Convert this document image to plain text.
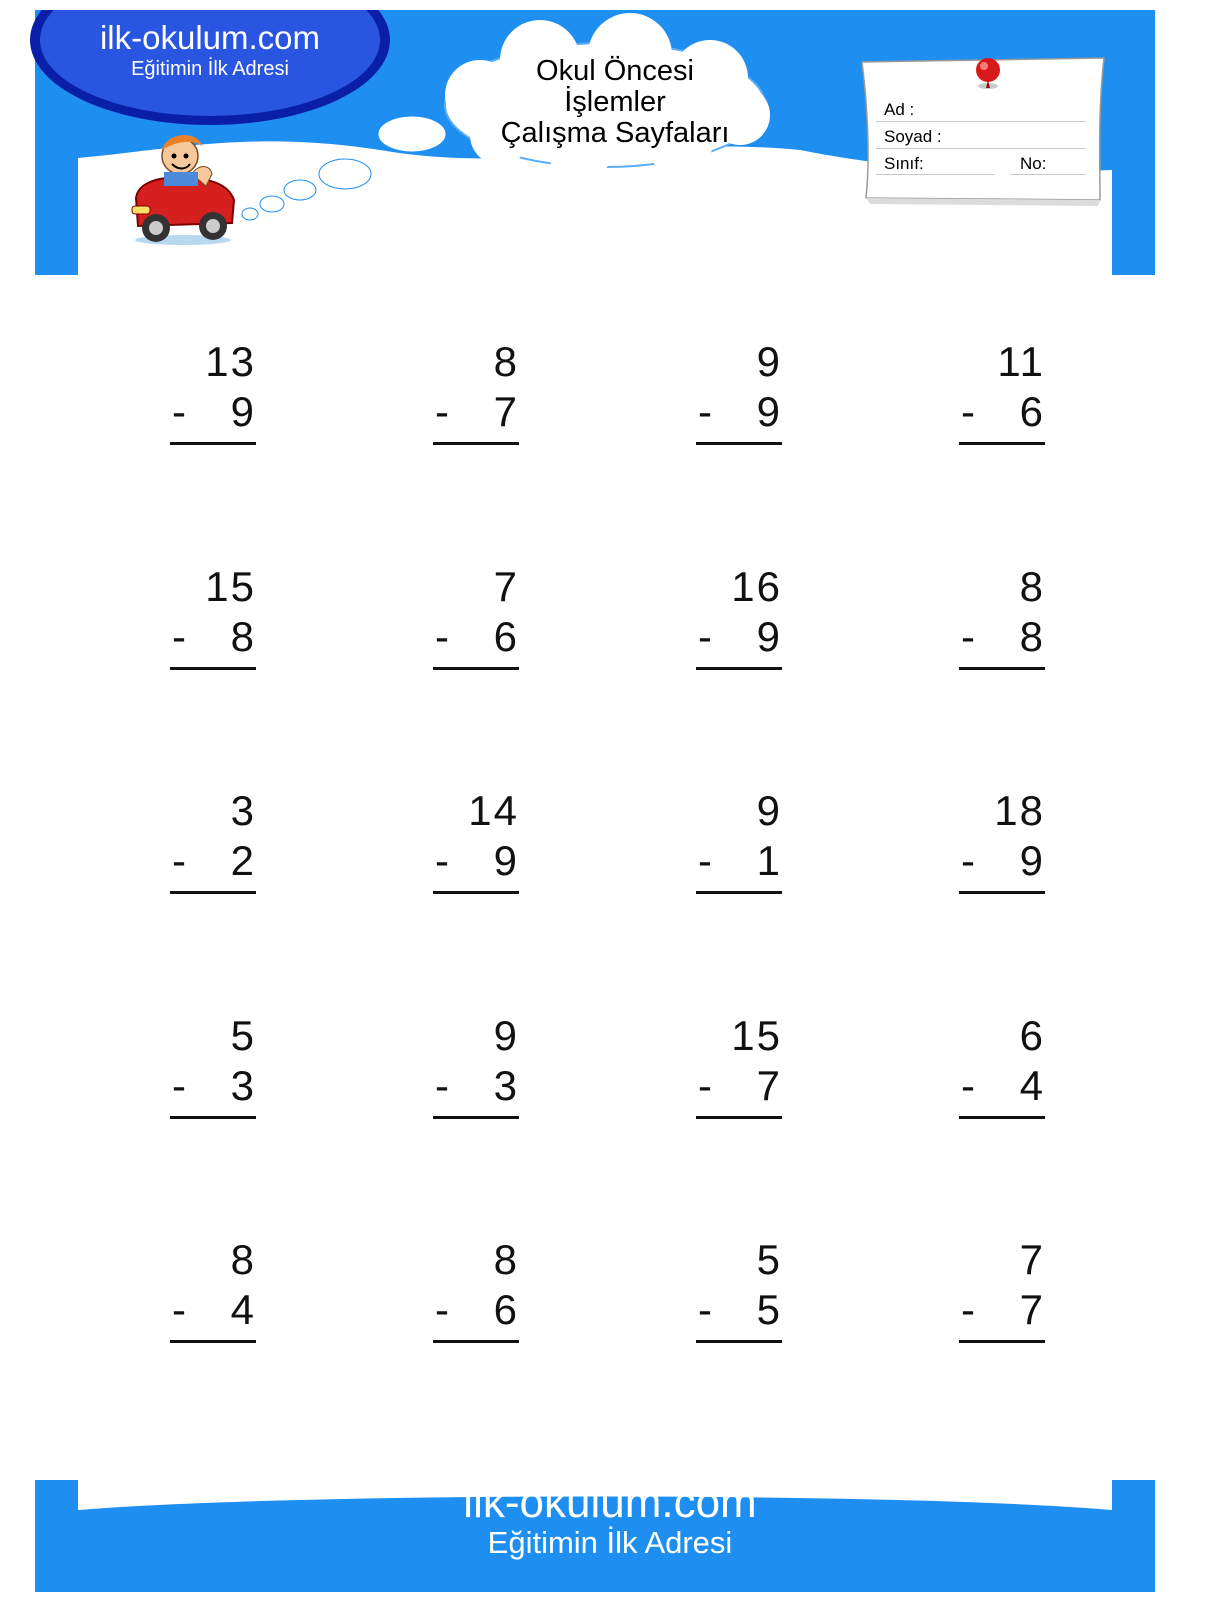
ilk-okulum.com
Eğitimin İlk Adresi	Okul Öncesi
İşlemler
Çalışma Sayfaları
Ad :
Soyad :
Sınıf:	No:
13
- 9
8
- 7
9
- 9
11
- 6
15
- 8
7
- 6
16
- 9
8
- 8
3
- 2
14
- 9
9
- 1
18
- 9
5
- 3
9
- 3
15
- 7
6
- 4
8
- 4
8
- 6
5
- 5
7
- 7
ilk-okulum.com
Eğitimin İlk Adresi
